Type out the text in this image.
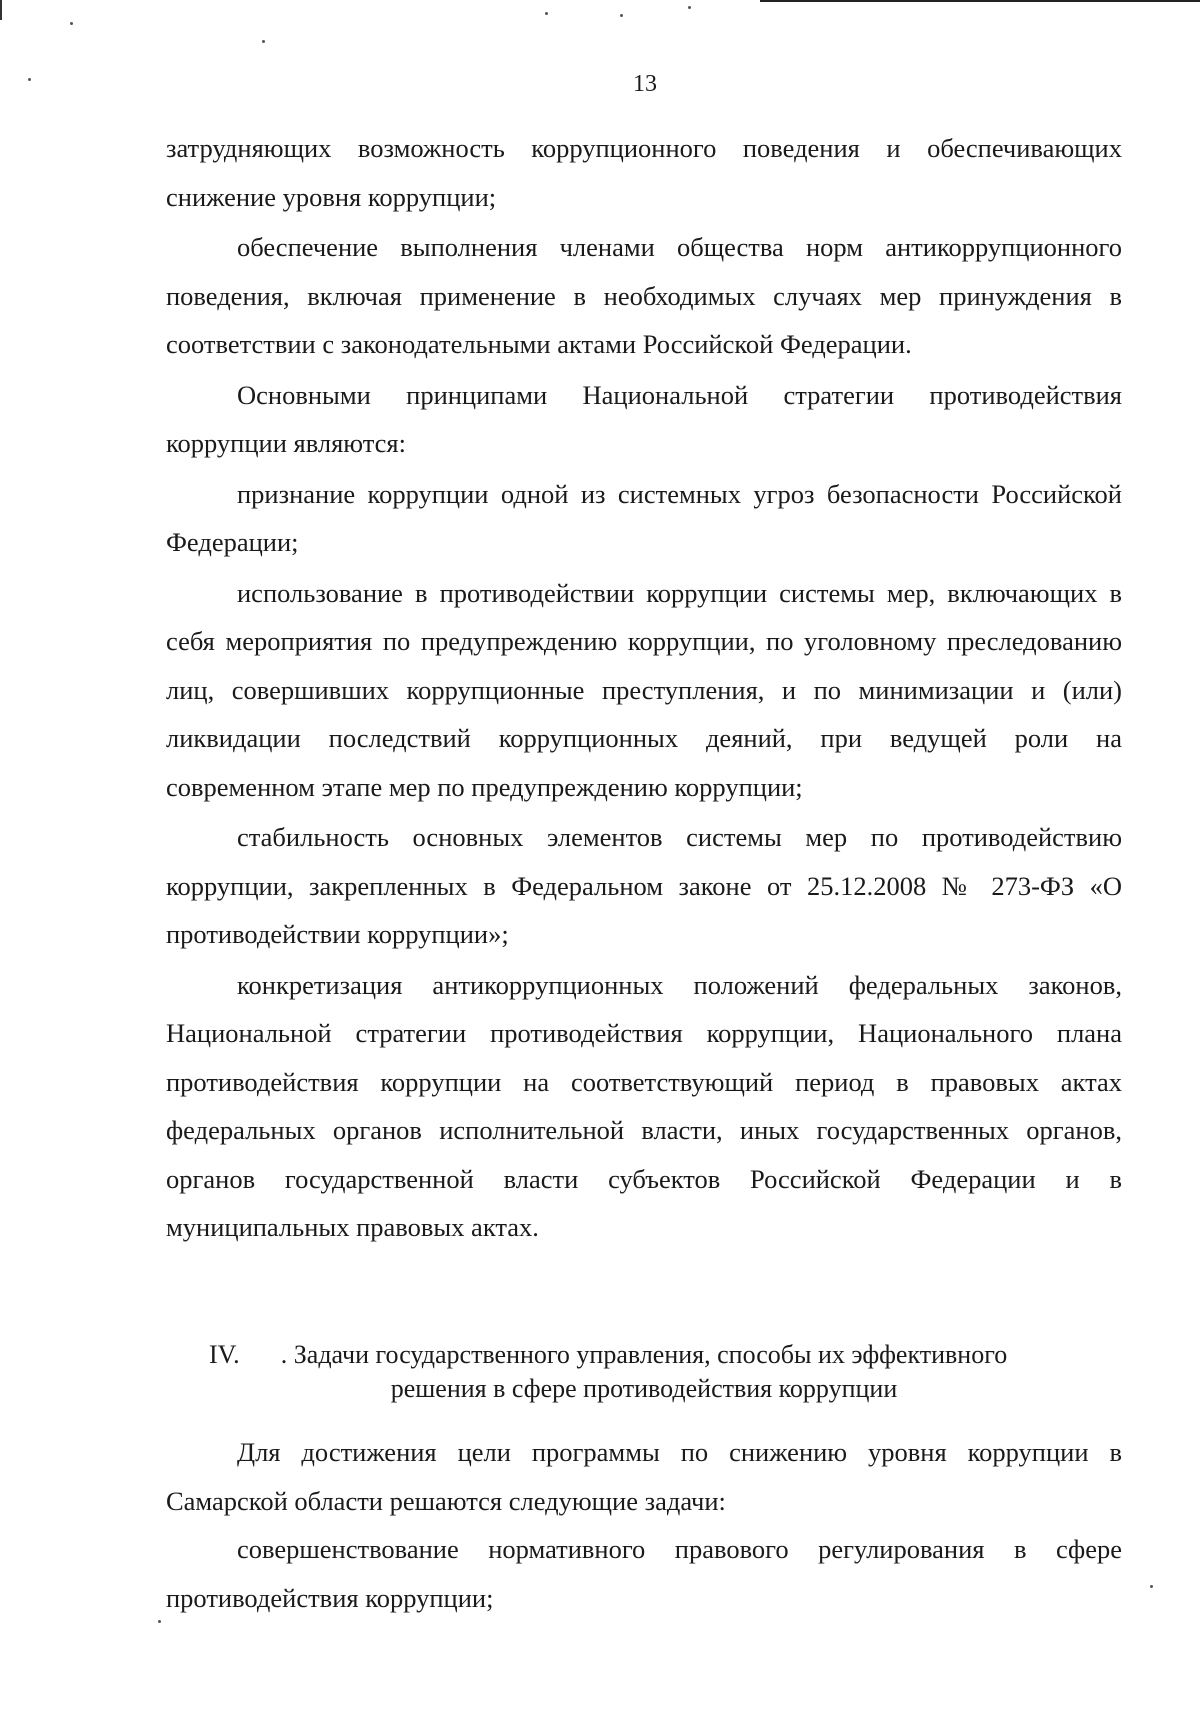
13

затрудняющих возможность коррупционного поведения и обеспечивающих снижение уровня коррупции;

обеспечение выполнения членами общества норм антикоррупционного поведения, включая применение в необходимых случаях мер принуждения в соответствии с законодательными актами Российской Федерации.

Основными принципами Национальной стратегии противодействия коррупции являются:

признание коррупции одной из системных угроз безопасности Российской Федерации;

использование в противодействии коррупции системы мер, включающих в себя мероприятия по предупреждению коррупции, по уголовному преследованию лиц, совершивших коррупционные преступления, и по минимизации и (или) ликвидации последствий коррупционных деяний, при ведущей роли на современном этапе мер по предупреждению коррупции;

стабильность основных элементов системы мер по противодействию коррупции, закрепленных в Федеральном законе от 25.12.2008 № 273-ФЗ «О противодействии коррупции»;

конкретизация антикоррупционных положений федеральных законов, Национальной стратегии противодействия коррупции, Национального плана противодействия коррупции на соответствующий период в правовых актах федеральных органов исполнительной власти, иных государственных органов, органов государственной власти субъектов Российской Федерации и в муниципальных правовых актах.

IV.	. Задачи государственного управления, способы их эффективного
решения в сфере противодействия коррупции

Для достижения цели программы по снижению уровня коррупции в Самарской области решаются следующие задачи:

совершенствование нормативного правового регулирования в сфере противодействия коррупции;
